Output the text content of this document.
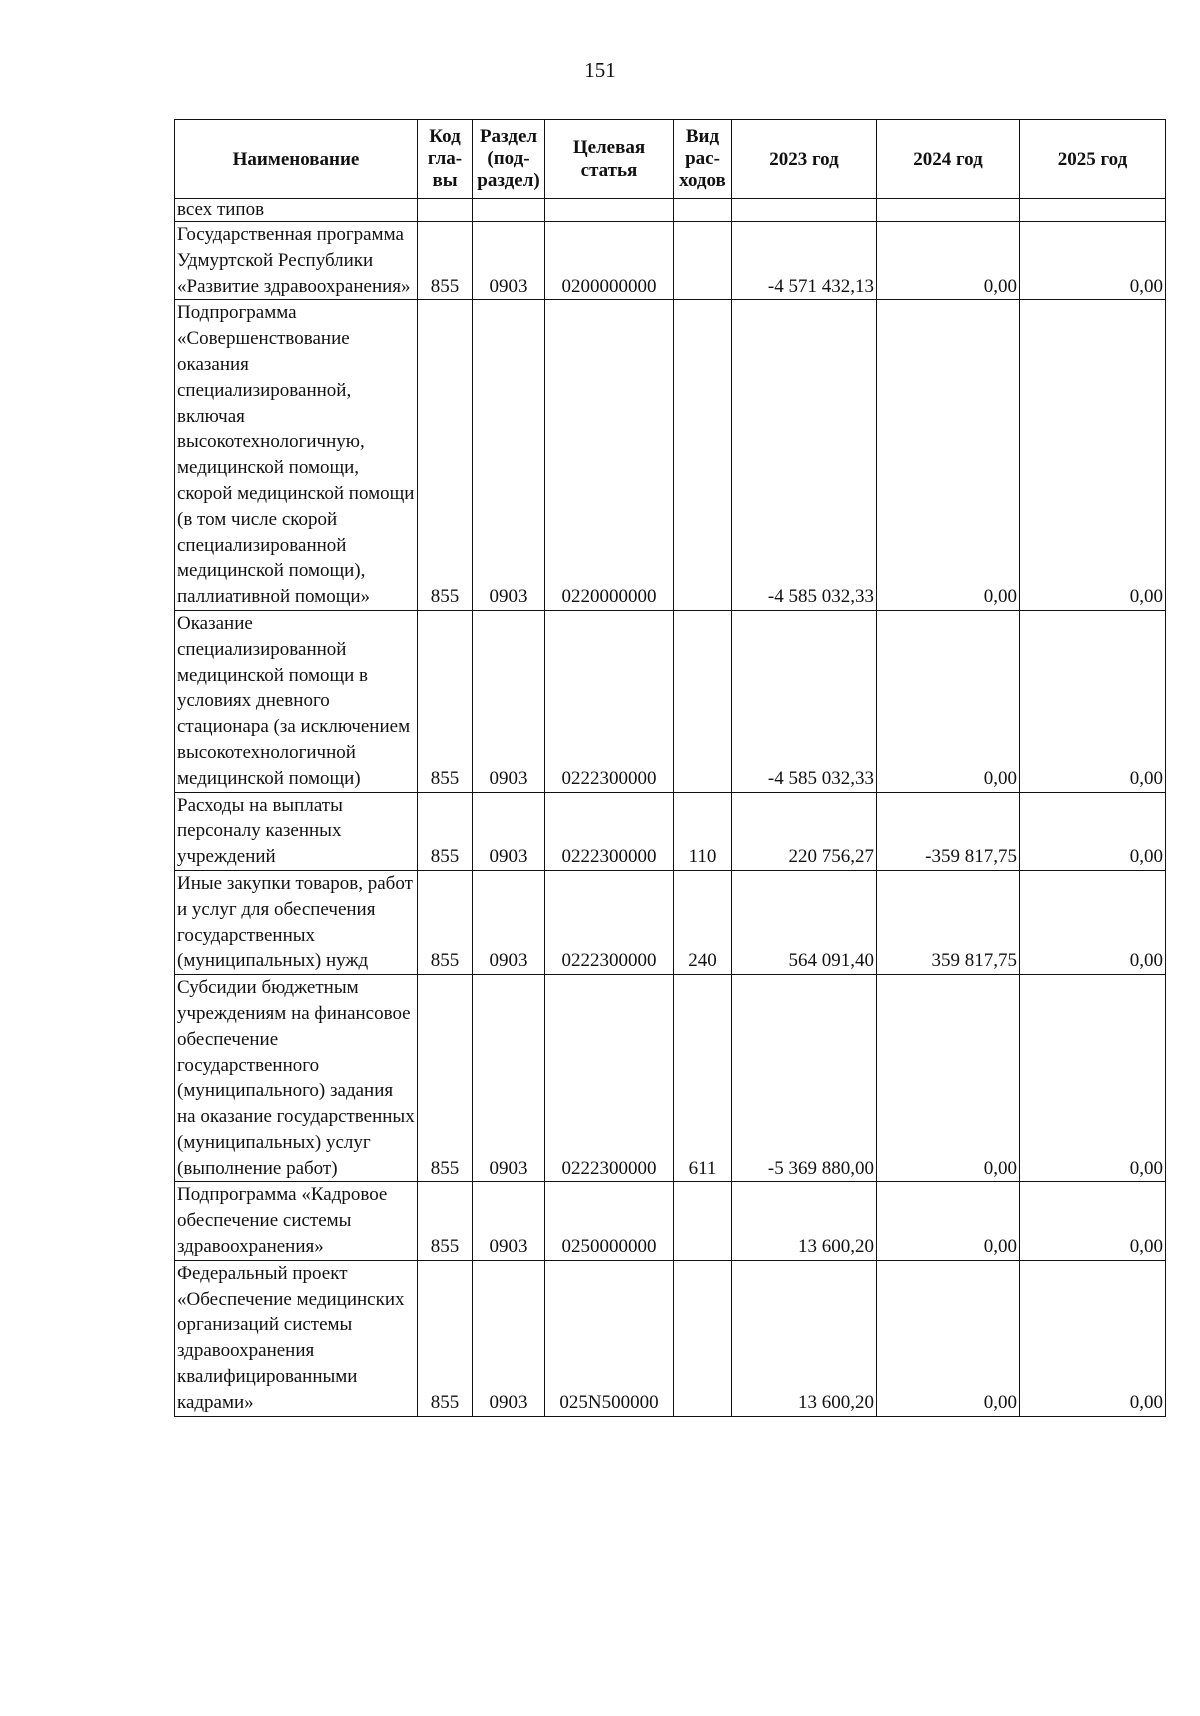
151
Наименование	Код гла-вы	Раздел (под-раздел)	Целевая статья	Вид рас-ходов	2023 год	2024 год	2025 год
всех типов							
Государственная программа Удмуртской Республики «Развитие здравоохранения»	855	0903	0200000000		-4 571 432,13	0,00	0,00
Подпрограмма «Совершенствование оказания специализированной, включая высокотехнологичную, медицинской помощи, скорой медицинской помощи (в том числе скорой специализированной медицинской помощи), паллиативной помощи»	855	0903	0220000000		-4 585 032,33	0,00	0,00
Оказание специализированной медицинской помощи в условиях дневного стационара (за исключением высокотехнологичной медицинской помощи)	855	0903	0222300000		-4 585 032,33	0,00	0,00
Расходы на выплаты персоналу казенных учреждений	855	0903	0222300000	110	220 756,27	-359 817,75	0,00
Иные закупки товаров, работ и услуг для обеспечения государственных (муниципальных) нужд	855	0903	0222300000	240	564 091,40	359 817,75	0,00
Субсидии бюджетным учреждениям на финансовое обеспечение государственного (муниципального) задания на оказание государственных (муниципальных) услуг (выполнение работ)	855	0903	0222300000	611	-5 369 880,00	0,00	0,00
Подпрограмма «Кадровое обеспечение системы здравоохранения»	855	0903	0250000000		13 600,20	0,00	0,00
Федеральный проект «Обеспечение медицинских организаций системы здравоохранения квалифицированными кадрами»	855	0903	025N500000		13 600,20	0,00	0,00
